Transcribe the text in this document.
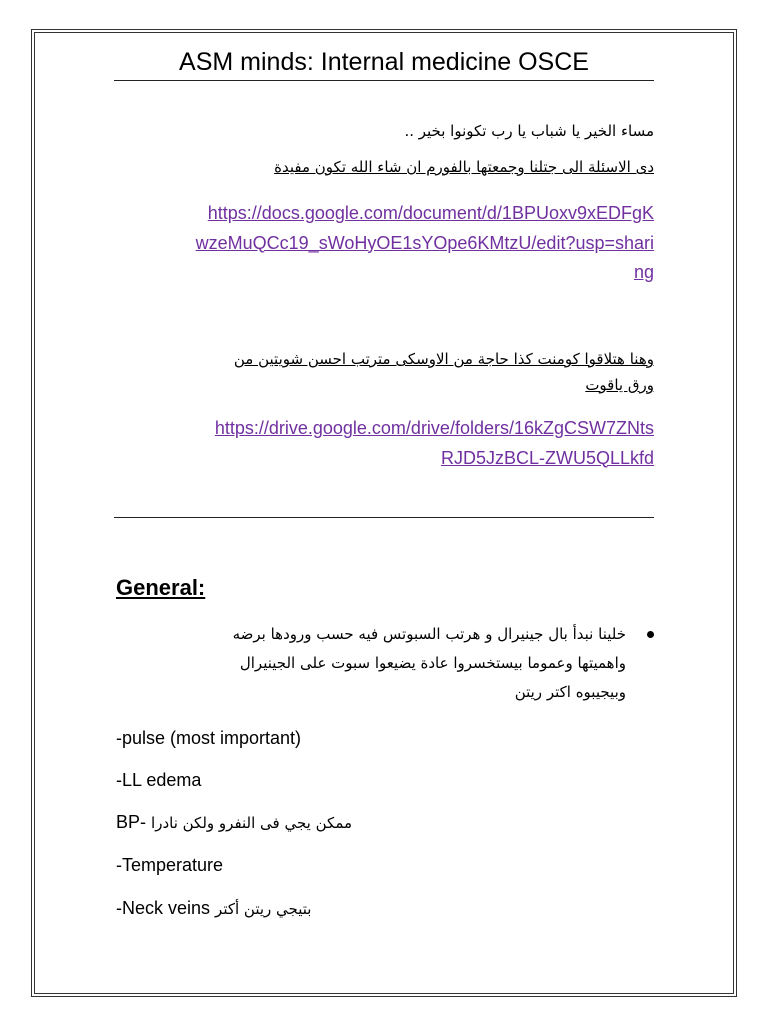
ASM minds: Internal medicine OSCE

مساء الخير يا شباب يا رب تكونوا بخير ..

دى الاسئلة الى جتلنا وجمعتها بالفورم ان شاء الله تكون مفيدة

https://docs.google.com/document/d/1BPUoxv9xEDFgK
wzeMuQCc19_sWoHyOE1sYOpe6KMtzU/edit?usp=shari
ng

وهنا هتلاقوا كومنت كذا حاجة من الاوسكى مترتب احسن شويتين من

ورق ياقوت

https://drive.google.com/drive/folders/16kZgCSW7ZNts
RJD5JzBCL-ZWU5QLLkfd
General:
خلينا نبدأ بال جينيرال و هرتب السبوتس فيه حسب ورودها برضه
واهميتها وعموما بيستخسروا عادة يضيعوا سبوت على الجينيرال
وبيجيبوه اكتر ريتن

-pulse (most important)

-LL edema

BP- ممكن يجي فى النفرو ولكن نادرا

-Temperature

-Neck veins بتيجي ريتن أكتر
